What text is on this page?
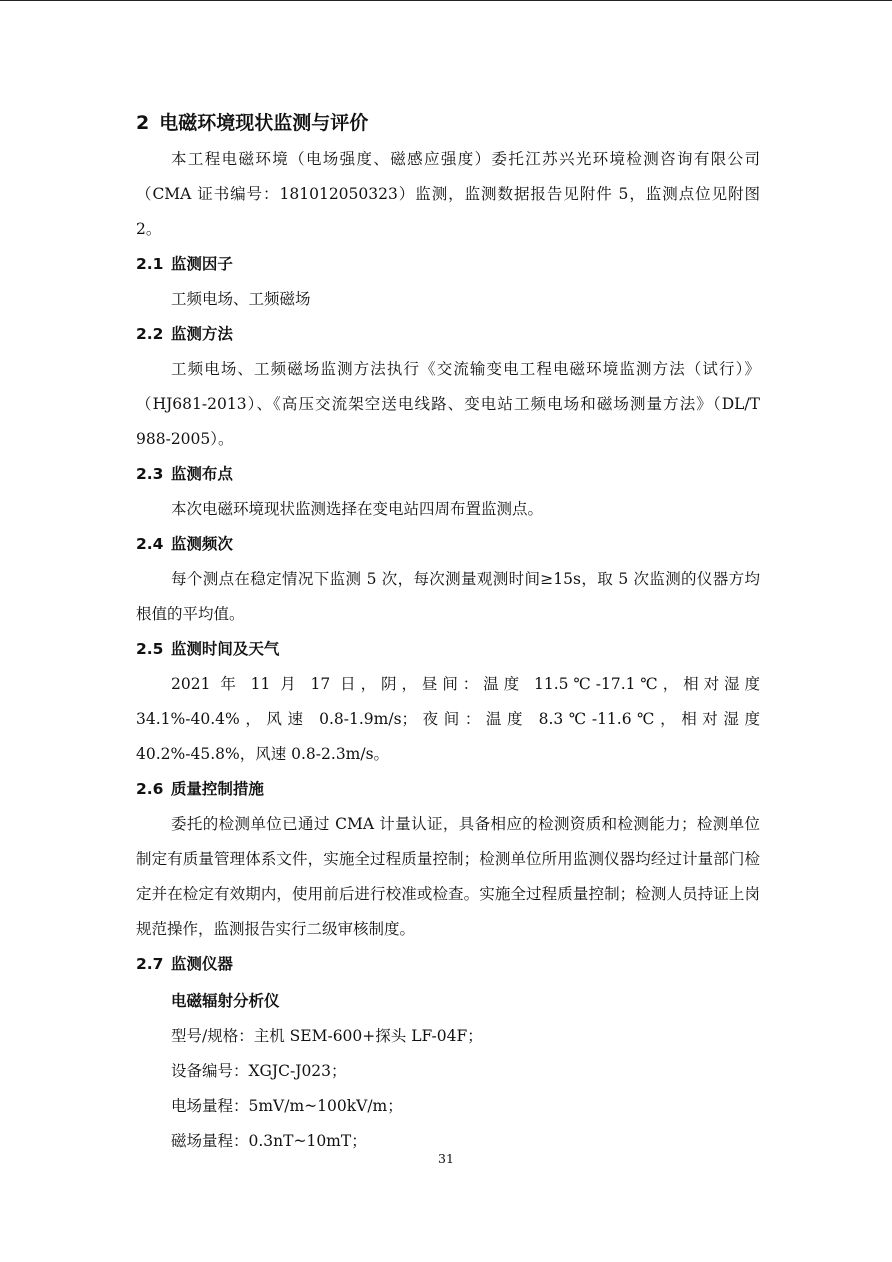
2 电磁环境现状监测与评价

本工程电磁环境（电场强度、磁感应强度）委托江苏兴光环境检测咨询有限公司（CMA 证书编号：181012050323）监测，监测数据报告见附件 5，监测点位见附图 2。

2.1 监测因子

工频电场、工频磁场

2.2 监测方法

工频电场、工频磁场监测方法执行《交流输变电工程电磁环境监测方法（试行）》（HJ681-2013）、《高压交流架空送电线路、变电站工频电场和磁场测量方法》（DL/T 988-2005）。

2.3 监测布点

本次电磁环境现状监测选择在变电站四周布置监测点。

2.4 监测频次

每个测点在稳定情况下监测 5 次，每次测量观测时间≥15s，取 5 次监测的仪器方均根值的平均值。

2.5 监测时间及天气

2021 年 11 月 17 日，阴，昼间：温度 11.5℃-17.1℃，相对湿度 34.1%-40.4%，风速 0.8-1.9m/s；夜间：温度 8.3℃-11.6℃，相对湿度 40.2%-45.8%，风速 0.8-2.3m/s。

2.6 质量控制措施

委托的检测单位已通过 CMA 计量认证，具备相应的检测资质和检测能力；检测单位制定有质量管理体系文件，实施全过程质量控制；检测单位所用监测仪器均经过计量部门检定并在检定有效期内，使用前后进行校准或检查。实施全过程质量控制；检测人员持证上岗规范操作，监测报告实行二级审核制度。

2.7 监测仪器
电磁辐射分析仪

型号/规格：主机 SEM-600+探头 LF-04F；

设备编号：XGJC-J023；

电场量程：5mV/m~100kV/m；

磁场量程：0.3nT~10mT；

31
